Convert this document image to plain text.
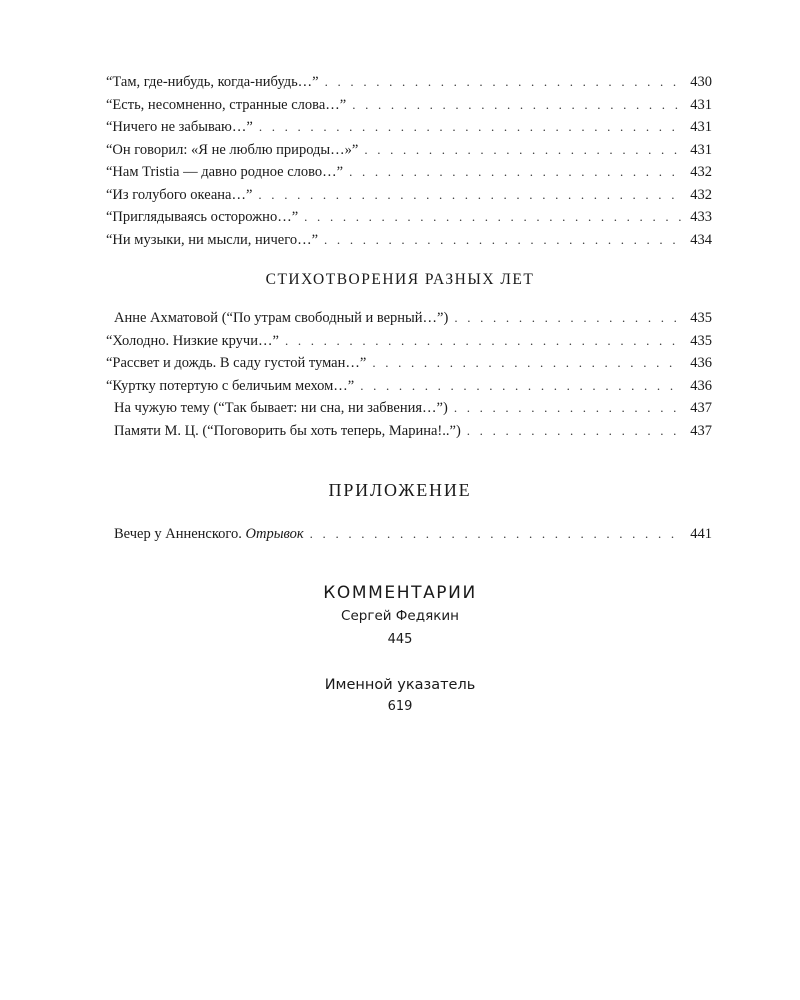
“Там, где-нибудь, когда-нибудь…” . . .	430
“Есть, несомненно, странные слова…” . . .	431
“Ничего не забываю…” . . .	431
“Он говорил: «Я не люблю природы…»” . . .	431
“Нам Tristia — давно родное слово…” . . .	432
“Из голубого океана…” . . .	432
“Приглядываясь осторожно…” . . .	433
“Ни музыки, ни мысли, ничего…” . . .	434
СТИХОТВОРЕНИЯ РАЗНЫХ ЛЕТ
Анне Ахматовой (“По утрам свободный и верный…”) . . .	435
“Холодно. Низкие кручи…” . . .	435
“Рассвет и дождь. В саду густой туман…” . . .	436
“Куртку потертую с беличьим мехом…” . . .	436
На чужую тему (“Так бывает: ни сна, ни забвения…”) . . .	437
Памяти М. Ц. (“Поговорить бы хоть теперь, Марина!..”) . . .	437
ПРИЛОЖЕНИЕ
Вечер у Анненского. Отрывок . . .	441
КОММЕНТАРИИ
Сергей Федякин
445
Именной указатель
619
